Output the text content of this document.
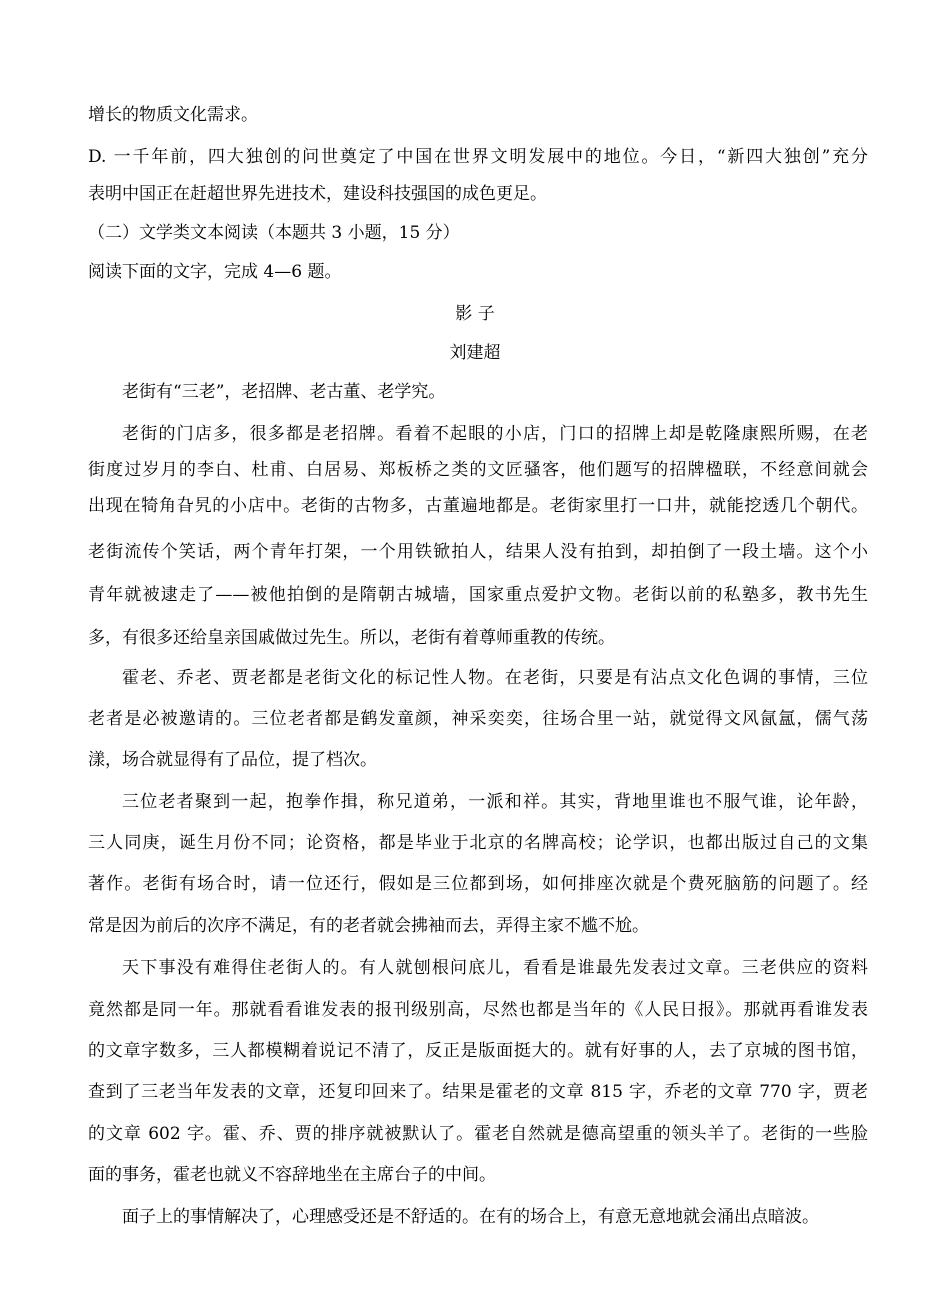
增长的物质文化需求。
D. 一千年前，四大独创的问世奠定了中国在世界文明发展中的地位。今日，“新四大独创”充分
表明中国正在赶超世界先进技术，建设科技强国的成色更足。
（二）文学类文本阅读（本题共 3 小题，15 分）
阅读下面的文字，完成 4—6 题。
影 子
刘建超
老街有“三老”，老招牌、老古董、老学究。
老街的门店多，很多都是老招牌。看着不起眼的小店，门口的招牌上却是乾隆康熙所赐，在老
街度过岁月的李白、杜甫、白居易、郑板桥之类的文匠骚客，他们题写的招牌楹联，不经意间就会
出现在犄角旮旯的小店中。老街的古物多，古董遍地都是。老街家里打一口井，就能挖透几个朝代。
老街流传个笑话，两个青年打架，一个用铁锨拍人，结果人没有拍到，却拍倒了一段土墙。这个小
青年就被逮走了——被他拍倒的是隋朝古城墙，国家重点爱护文物。老街以前的私塾多，教书先生
多，有很多还给皇亲国戚做过先生。所以，老街有着尊师重教的传统。
霍老、乔老、贾老都是老街文化的标记性人物。在老街，只要是有沾点文化色调的事情，三位
老者是必被邀请的。三位老者都是鹤发童颜，神采奕奕，往场合里一站，就觉得文风氤氲，儒气荡
漾，场合就显得有了品位，提了档次。
三位老者聚到一起，抱拳作揖，称兄道弟，一派和祥。其实，背地里谁也不服气谁，论年龄，
三人同庚，诞生月份不同；论资格，都是毕业于北京的名牌高校；论学识，也都出版过自己的文集
著作。老街有场合时，请一位还行，假如是三位都到场，如何排座次就是个费死脑筋的问题了。经
常是因为前后的次序不满足，有的老者就会拂袖而去，弄得主家不尴不尬。
天下事没有难得住老街人的。有人就刨根问底儿，看看是谁最先发表过文章。三老供应的资料
竟然都是同一年。那就看看谁发表的报刊级别高，尽然也都是当年的《人民日报》。那就再看谁发表
的文章字数多，三人都模糊着说记不清了，反正是版面挺大的。就有好事的人，去了京城的图书馆，
查到了三老当年发表的文章，还复印回来了。结果是霍老的文章 815 字，乔老的文章 770 字，贾老
的文章 602 字。霍、乔、贾的排序就被默认了。霍老自然就是德高望重的领头羊了。老街的一些脸
面的事务，霍老也就义不容辞地坐在主席台子的中间。
面子上的事情解决了，心理感受还是不舒适的。在有的场合上，有意无意地就会涌出点暗波。
